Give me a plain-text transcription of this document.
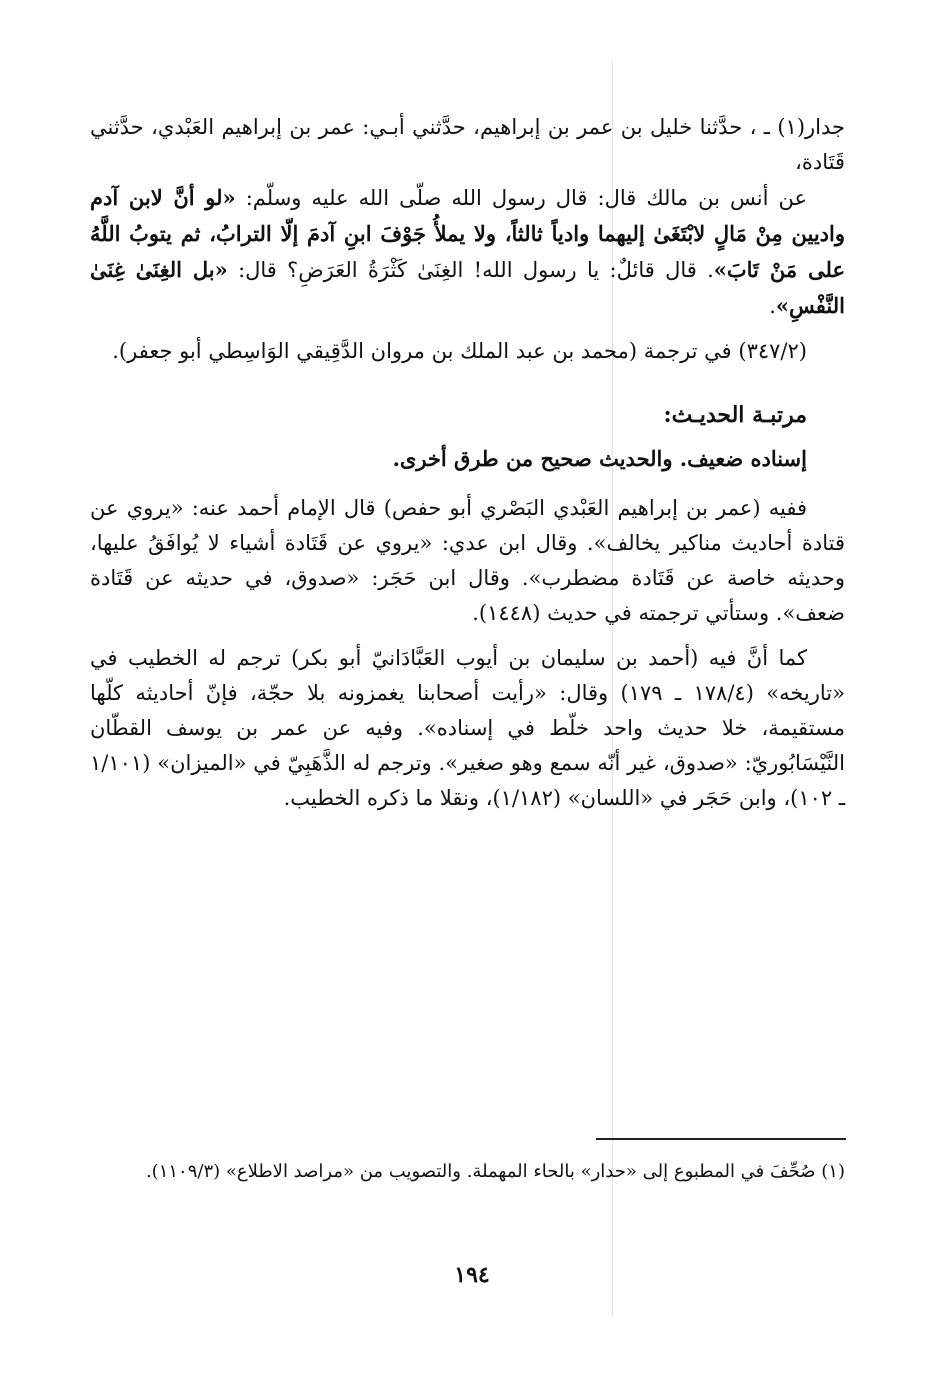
جدار(١) ـ ، حدَّثنا خليل بن عمر بن إبراهيم، حدَّثني أبـي: عمر بن إبراهيم العَبْدي، حدَّثني قَتَادة،

عن أنس بن مالك قال: قال رسول الله صلّى الله عليه وسلّم: «لو أنَّ لابن آدم واديين مِنْ مَالٍ لابْتَغَىٰ إليهما وادياً ثالثاً، ولا يملأُ جَوْفَ ابنِ آدمَ إلّا الترابُ، ثم يتوبُ اللَّهُ على مَنْ تَابَ». قال قائلٌ: يا رسول الله! الغِنَىٰ كَثْرَةُ العَرَضِ؟ قال: «بل الغِنَىٰ غِنَىٰ النَّفْسِ».

(٣٤٧/٢) في ترجمة (محمد بن عبد الملك بن مروان الدَّقِيقي الوَاسِطي أبو جعفر).

مرتبـة الحديـث:

إسناده ضعيف. والحديث صحيح من طرق أخرى.

ففيه (عمر بن إبراهيم العَبْدي البَصْري أبو حفص) قال الإمام أحمد عنه: «يروي عن قتادة أحاديث مناكير يخالف». وقال ابن عدي: «يروي عن قَتَادة أشياء لا يُوافَقُ عليها، وحديثه خاصة عن قَتَادة مضطرب». وقال ابن حَجَر: «صدوق، في حديثه عن قَتَادة ضعف». وستأتي ترجمته في حديث (١٤٤٨).

كما أنَّ فيه (أحمد بن سليمان بن أيوب العَبَّادَانيّ أبو بكر) ترجم له الخطيب في «تاريخه» (١٧٨/٤ ـ ١٧٩) وقال: «رأيت أصحابنا يغمزونه بلا حجّة، فإنّ أحاديثه كلّها مستقيمة، خلا حديث واحد خلّط في إسناده». وفيه عن عمر بن يوسف القطّان النَّيْسَابُوريّ: «صدوق، غير أنّه سمع وهو صغير». وترجم له الذَّهَبِيّ في «الميزان» (١/١٠١ ـ ١٠٢)، وابن حَجَر في «اللسان» (١/١٨٢)، ونقلا ما ذكره الخطيب.

(١) صُحِّفَ في المطبوع إلى «حدار» بالحاء المهملة. والتصويب من «مراصد الاطلاع» (١١٠٩/٣).
١٩٤
